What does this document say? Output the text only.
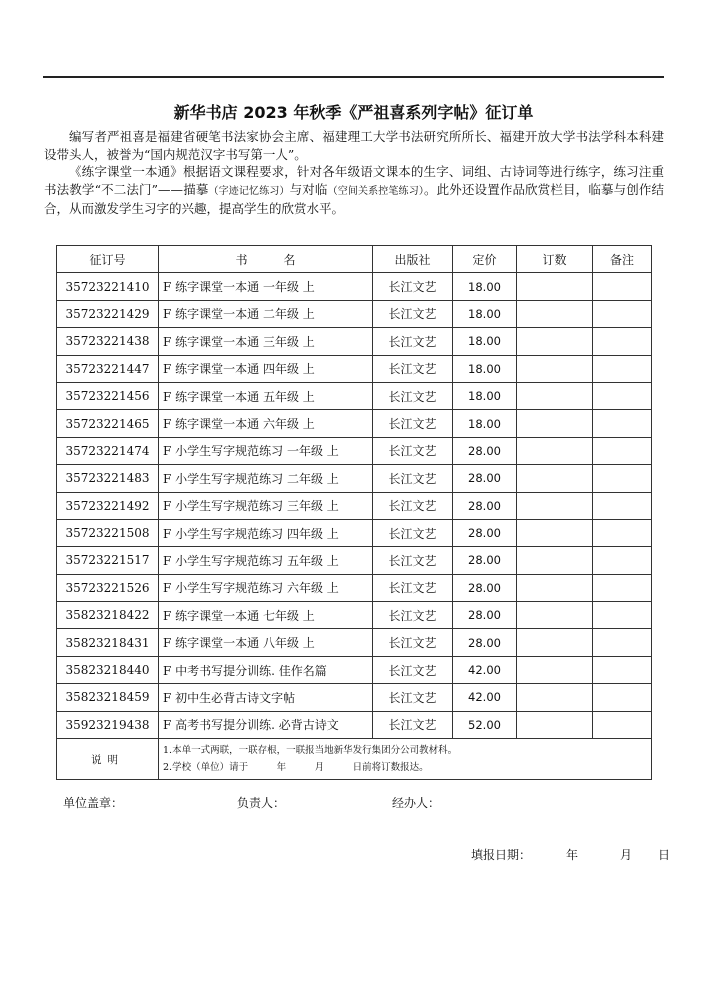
新华书店 2023 年秋季《严祖喜系列字帖》征订单

编写者严祖喜是福建省硬笔书法家协会主席、福建理工大学书法研究所所长、福建开放大学书法学科本科建设带头人，被誉为“国内规范汉字书写第一人”。

《练字课堂一本通》根据语文课程要求，针对各年级语文课本的生字、词组、古诗词等进行练字，练习注重书法教学“不二法门”——描摹（字迹记忆练习）与对临（空间关系控笔练习）。此外还设置作品欣赏栏目，临摹与创作结合，从而激发学生习字的兴趣，提高学生的欣赏水平。

征订号	书　　　名	出版社	定价	订数	备注
35723221410	F 练字课堂一本通 一年级 上	长江文艺	18.00		
35723221429	F 练字课堂一本通 二年级 上	长江文艺	18.00		
35723221438	F 练字课堂一本通 三年级 上	长江文艺	18.00		
35723221447	F 练字课堂一本通 四年级 上	长江文艺	18.00		
35723221456	F 练字课堂一本通 五年级 上	长江文艺	18.00		
35723221465	F 练字课堂一本通 六年级 上	长江文艺	18.00		
35723221474	F 小学生写字规范练习 一年级 上	长江文艺	28.00		
35723221483	F 小学生写字规范练习 二年级 上	长江文艺	28.00		
35723221492	F 小学生写字规范练习 三年级 上	长江文艺	28.00		
35723221508	F 小学生写字规范练习 四年级 上	长江文艺	28.00		
35723221517	F 小学生写字规范练习 五年级 上	长江文艺	28.00		
35723221526	F 小学生写字规范练习 六年级 上	长江文艺	28.00		
35823218422	F 练字课堂一本通 七年级 上	长江文艺	28.00		
35823218431	F 练字课堂一本通 八年级 上	长江文艺	28.00		
35823218440	F 中考书写提分训练. 佳作名篇	长江文艺	42.00		
35823218459	F 初中生必背古诗文字帖	长江文艺	42.00		
35923219438	F 高考书写提分训练. 必背古诗文	长江文艺	52.00		
说明	1.本单一式两联，一联存根，一联报当地新华发行集团分公司教材科。
2.学校（单位）请于　　　年　　　月　　　日前将订数报达。				
单位盖章：	负责人：	经办人：
填报日期：	年	月 日
